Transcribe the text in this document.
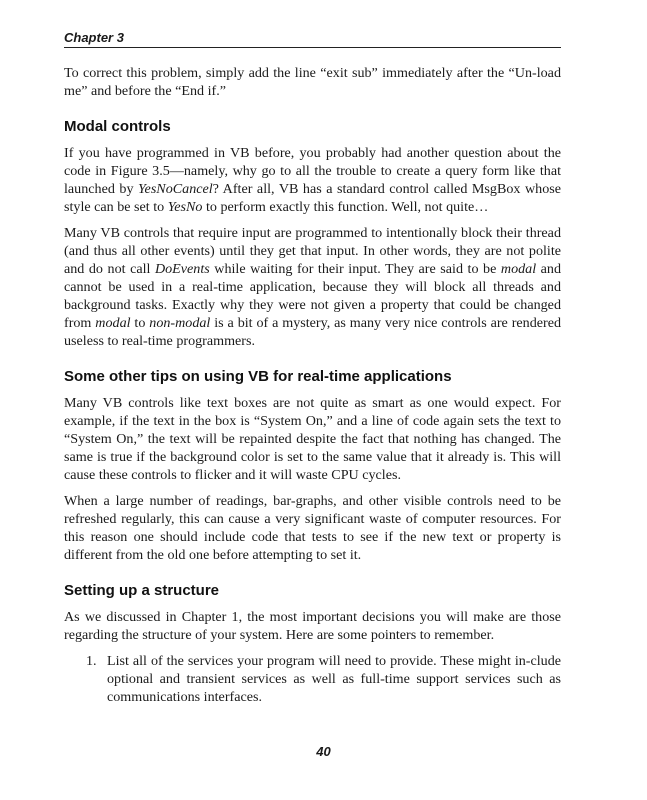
Chapter 3

To correct this problem, simply add the line “exit sub” immediately after the “Un-load me” and before the “End if.”

Modal controls

If you have programmed in VB before, you probably had another question about the code in Figure 3.5—namely, why go to all the trouble to create a query form like that launched by YesNoCancel? After all, VB has a standard control called MsgBox whose style can be set to YesNo to perform exactly this function. Well, not quite…

Many VB controls that require input are programmed to intentionally block their thread (and thus all other events) until they get that input. In other words, they are not polite and do not call DoEvents while waiting for their input. They are said to be modal and cannot be used in a real-time application, because they will block all threads and background tasks. Exactly why they were not given a property that could be changed from modal to non-modal is a bit of a mystery, as many very nice controls are rendered useless to real-time programmers.

Some other tips on using VB for real-time applications

Many VB controls like text boxes are not quite as smart as one would expect. For example, if the text in the box is “System On,” and a line of code again sets the text to “System On,” the text will be repainted despite the fact that nothing has changed. The same is true if the background color is set to the same value that it already is. This will cause these controls to flicker and it will waste CPU cycles.

When a large number of readings, bar-graphs, and other visible controls need to be refreshed regularly, this can cause a very significant waste of computer resources. For this reason one should include code that tests to see if the new text or property is different from the old one before attempting to set it.

Setting up a structure

As we discussed in Chapter 1, the most important decisions you will make are those regarding the structure of your system. Here are some pointers to remember.

1. List all of the services your program will need to provide. These might in-clude optional and transient services as well as full-time support services such as communications interfaces.
40
